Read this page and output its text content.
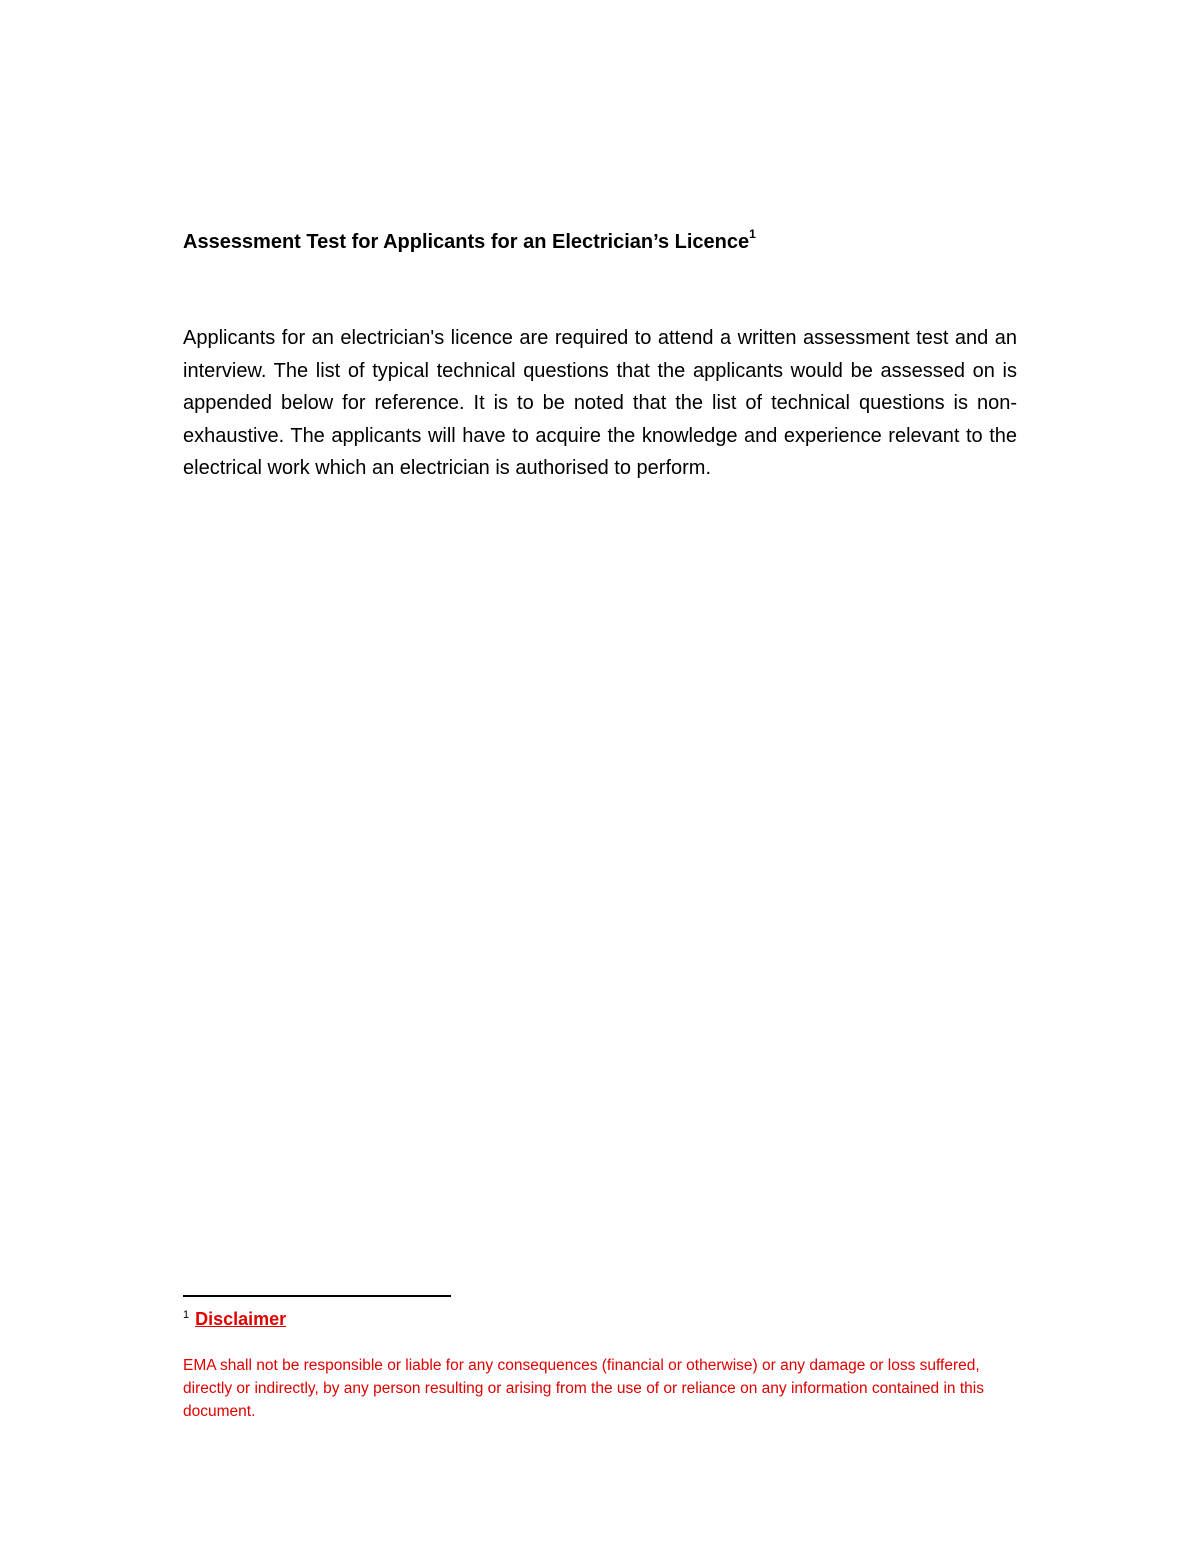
Assessment Test for Applicants for an Electrician’s Licence$^1$

Applicants for an electrician's licence are required to attend a written assessment test and an interview. The list of typical technical questions that the applicants would be assessed on is appended below for reference. It is to be noted that the list of technical questions is non-exhaustive. The applicants will have to acquire the knowledge and experience relevant to the electrical work which an electrician is authorised to perform.

$^1$ Disclaimer

EMA shall not be responsible or liable for any consequences (financial or otherwise) or any damage or loss suffered, directly or indirectly, by any person resulting or arising from the use of or reliance on any information contained in this document.
